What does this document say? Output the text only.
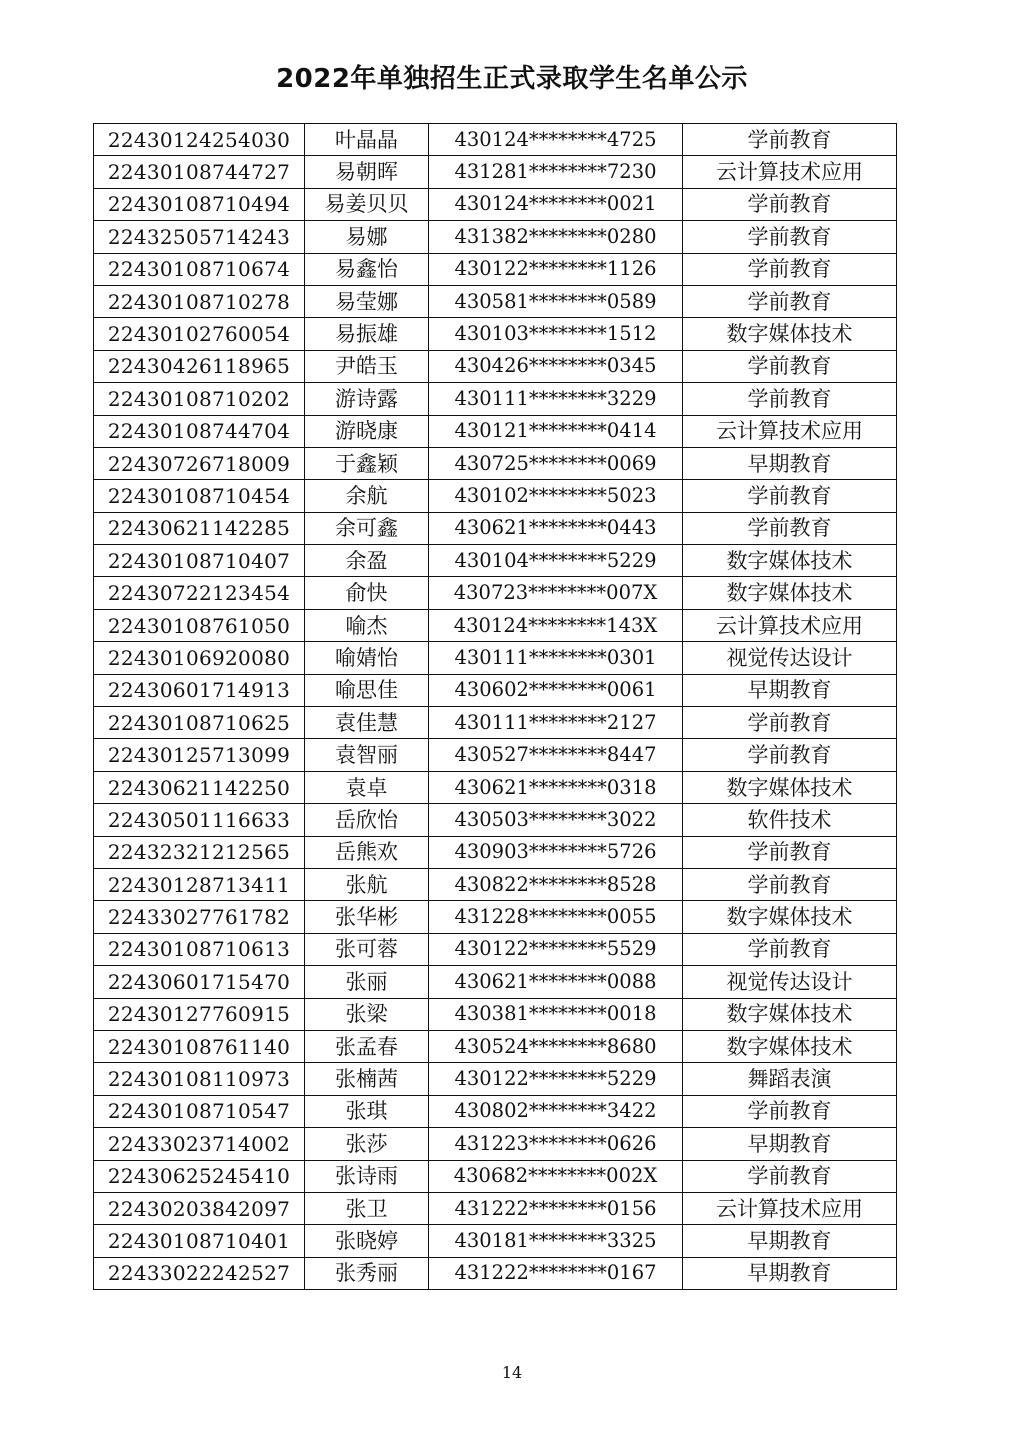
2022年单独招生正式录取学生名单公示
22430124254030	叶晶晶	430124********4725	学前教育
22430108744727	易朝晖	431281********7230	云计算技术应用
22430108710494	易姜贝贝	430124********0021	学前教育
22432505714243	易娜	431382********0280	学前教育
22430108710674	易鑫怡	430122********1126	学前教育
22430108710278	易莹娜	430581********0589	学前教育
22430102760054	易振雄	430103********1512	数字媒体技术
22430426118965	尹皓玉	430426********0345	学前教育
22430108710202	游诗露	430111********3229	学前教育
22430108744704	游晓康	430121********0414	云计算技术应用
22430726718009	于鑫颖	430725********0069	早期教育
22430108710454	余航	430102********5023	学前教育
22430621142285	余可鑫	430621********0443	学前教育
22430108710407	余盈	430104********5229	数字媒体技术
22430722123454	俞快	430723********007X	数字媒体技术
22430108761050	喻杰	430124********143X	云计算技术应用
22430106920080	喻婧怡	430111********0301	视觉传达设计
22430601714913	喻思佳	430602********0061	早期教育
22430108710625	袁佳慧	430111********2127	学前教育
22430125713099	袁智丽	430527********8447	学前教育
22430621142250	袁卓	430621********0318	数字媒体技术
22430501116633	岳欣怡	430503********3022	软件技术
22432321212565	岳熊欢	430903********5726	学前教育
22430128713411	张航	430822********8528	学前教育
22433027761782	张华彬	431228********0055	数字媒体技术
22430108710613	张可蓉	430122********5529	学前教育
22430601715470	张丽	430621********0088	视觉传达设计
22430127760915	张梁	430381********0018	数字媒体技术
22430108761140	张孟春	430524********8680	数字媒体技术
22430108110973	张楠茜	430122********5229	舞蹈表演
22430108710547	张琪	430802********3422	学前教育
22433023714002	张莎	431223********0626	早期教育
22430625245410	张诗雨	430682********002X	学前教育
22430203842097	张卫	431222********0156	云计算技术应用
22430108710401	张晓婷	430181********3325	早期教育
22433022242527	张秀丽	431222********0167	早期教育
14
